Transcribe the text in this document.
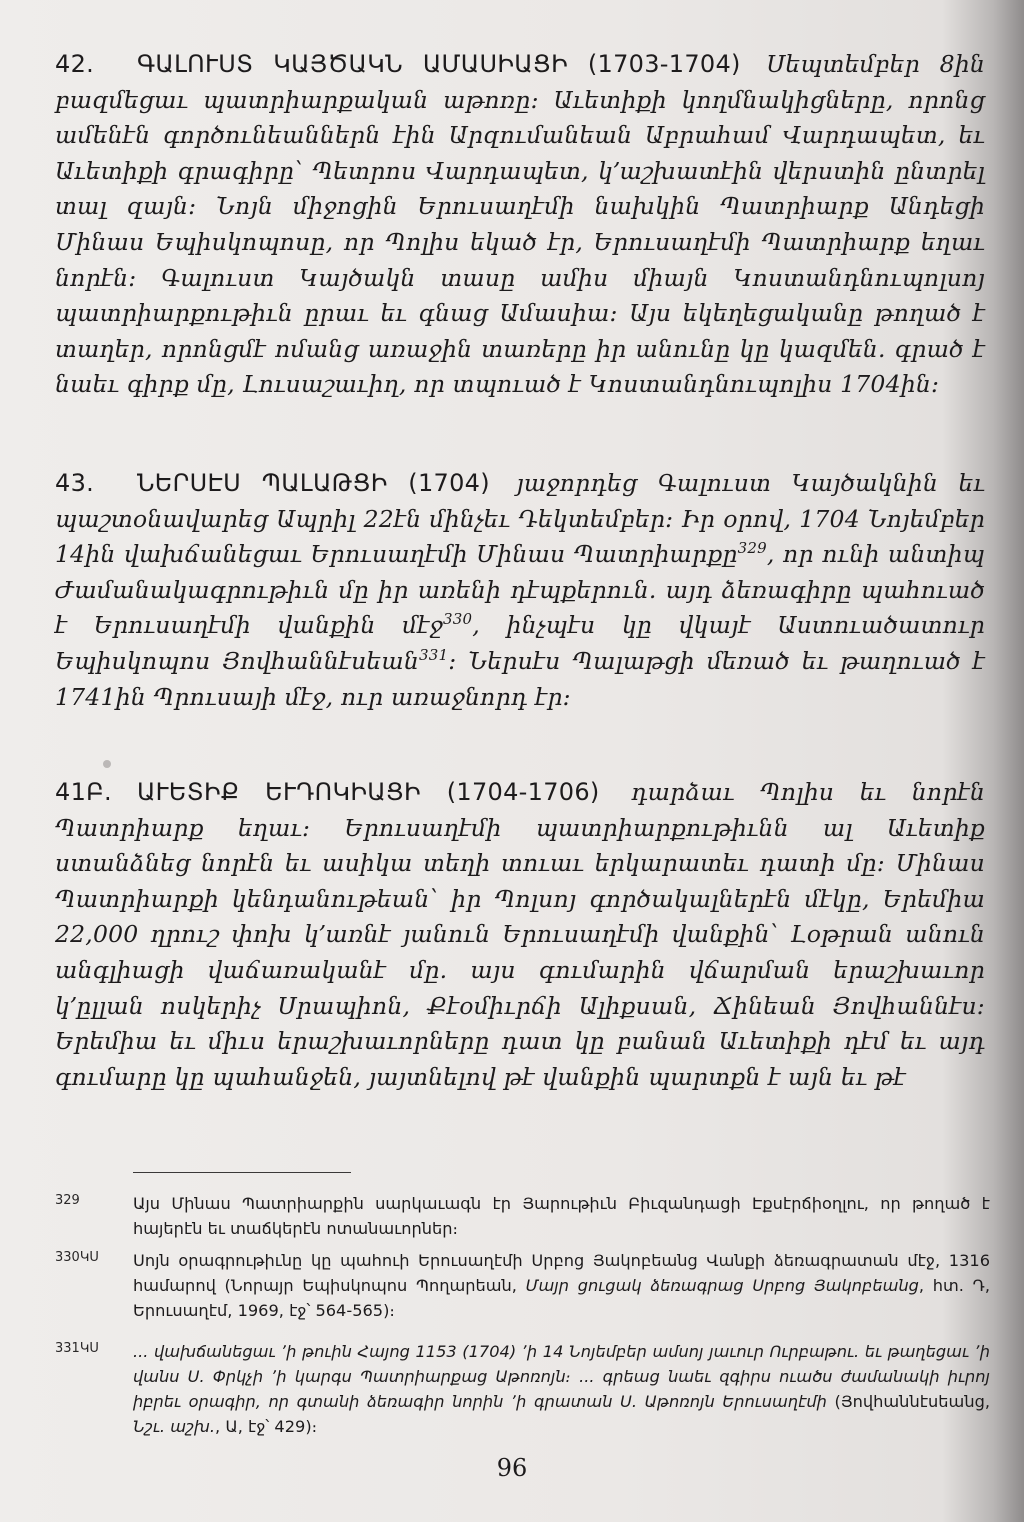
42. ԳԱԼՈՒՍՏ ԿԱՅԾԱԿՆ ԱՄԱՍԻԱՑԻ (1703-1704) Սեպտեմբեր 8ին բազմեցաւ պատրիարքական աթոռը։ Աւետիքի կողմնակիցները, որոնց ամենէն գործունեաններն էին Արզումանեան Աբրահամ Վարդապետ, եւ Աւետիքի գրագիրը՝ Պետրոս Վարդապետ, կ՚աշխատէին վերստին ընտրել տալ զայն։ Նոյն միջոցին Երուսաղէմի նախկին Պատրիարք Անդեցի Մինաս Եպիսկոպոսը, որ Պոլիս եկած էր, Երուսաղէմի Պատրիարք եղաւ նորէն։ Գալուստ Կայծակն տասը ամիս միայն Կոստանդնուպոլսոյ պատրիարքութիւն ըրաւ եւ գնաց Ամասիա։ Այս եկեղեցականը թողած է տաղեր, որոնցմէ ոմանց առաջին տառերը իր անունը կը կազմեն. գրած է նաեւ գիրք մը, Լուսաշաւիղ, որ տպուած է Կոստանդնուպոլիս 1704ին։

43. ՆԵՐՍԷՍ ՊԱԼԱԹՑԻ (1704) յաջորդեց Գալուստ Կայծակնին եւ պաշտօնավարեց Ապրիլ 22էն մինչեւ Դեկտեմբեր։ Իր օրով, 1704 Նոյեմբեր 14ին վախճանեցաւ Երուսաղէմի Մինաս Պատրիարքը$^{329}$, որ ունի անտիպ Ժամանակագրութիւն մը իր առենի դէպքերուն. այդ ձեռագիրը պահուած է Երուսաղէմի վանքին մէջ$^{330}$, ինչպէս կը վկայէ Աստուածատուր Եպիսկոպոս Յովհաննէսեան$^{331}$։ Ներսէս Պալաթցի մեռած եւ թաղուած է 1741ին Պրուսայի մէջ, ուր առաջնորդ էր։

41Բ. ԱՒԵՏԻՔ ԵՒԴՈԿԻԱՑԻ (1704-1706) դարձաւ Պոլիս եւ նորէն Պատրիարք եղաւ։ Երուսաղէմի պատրիարքութիւնն ալ Աւետիք ստանձնեց նորէն եւ ասիկա տեղի տուաւ երկարատեւ դատի մը։ Մինաս Պատրիարքի կենդանութեան՝ իր Պոլսոյ գործակալներէն մէկը, Երեմիա 22,000 ղրուշ փոխ կ՚առնէ յանուն Երուսաղէմի վանքին՝ Լօթրան անուն անգլիացի վաճառականէ մը. այս գումարին վճարման երաշխաւոր կ՚ըլլան ոսկերիչ Սրապիոն, Քէօմիւրճի Ալիքսան, Ճինեան Յովհաննէս։ Երեմիա եւ միւս երաշխաւորները դատ կը բանան Աւետիքի դէմ եւ այդ գումարը կը պահանջեն, յայտնելով թէ վանքին պարտքն է այն եւ թէ

329	Այս Մինաս Պատրիարքին սարկաւագն էր Յարութիւն Բիւզանդացի Էքսէրճիօղլու, որ թողած է հայերէն եւ տաճկերէն ոտանաւորներ։

330ԿՍ Սոյն օրագրութիւնը կը պահուի Երուսաղէմի Սրբոց Յակոբեանց Վանքի ձեռագրատան մէջ, 1316 համարով (Նորայր Եպիսկոպոս Պողարեան, Մայր ցուցակ ձեռագրաց Սրբոց Յակոբեանց, հտ. Դ, Երուսաղէմ, 1969, էջ՝ 564-565)։

331ԿՍ ... վախճանեցաւ ՚ի թուին Հայոց 1153 (1704) ՚ի 14 Նոյեմբեր ամսոյ յաւուր Ուրբաթու. եւ թաղեցաւ ՚ի վանս Ս. Փրկչի ՚ի կարգս Պատրիարքաց Աթոռոյն։ ... գրեաց նաեւ զգիրս ուածս ժամանակի իւրոյ իբրեւ օրագիր, որ գտանի ձեռագիր նորին ՚ի գրատան Ս. Աթոռոյն Երուսաղէմի (Յովհաննէսեանց, Նշւ. աշխ., Ա, էջ՝ 429)։

96
